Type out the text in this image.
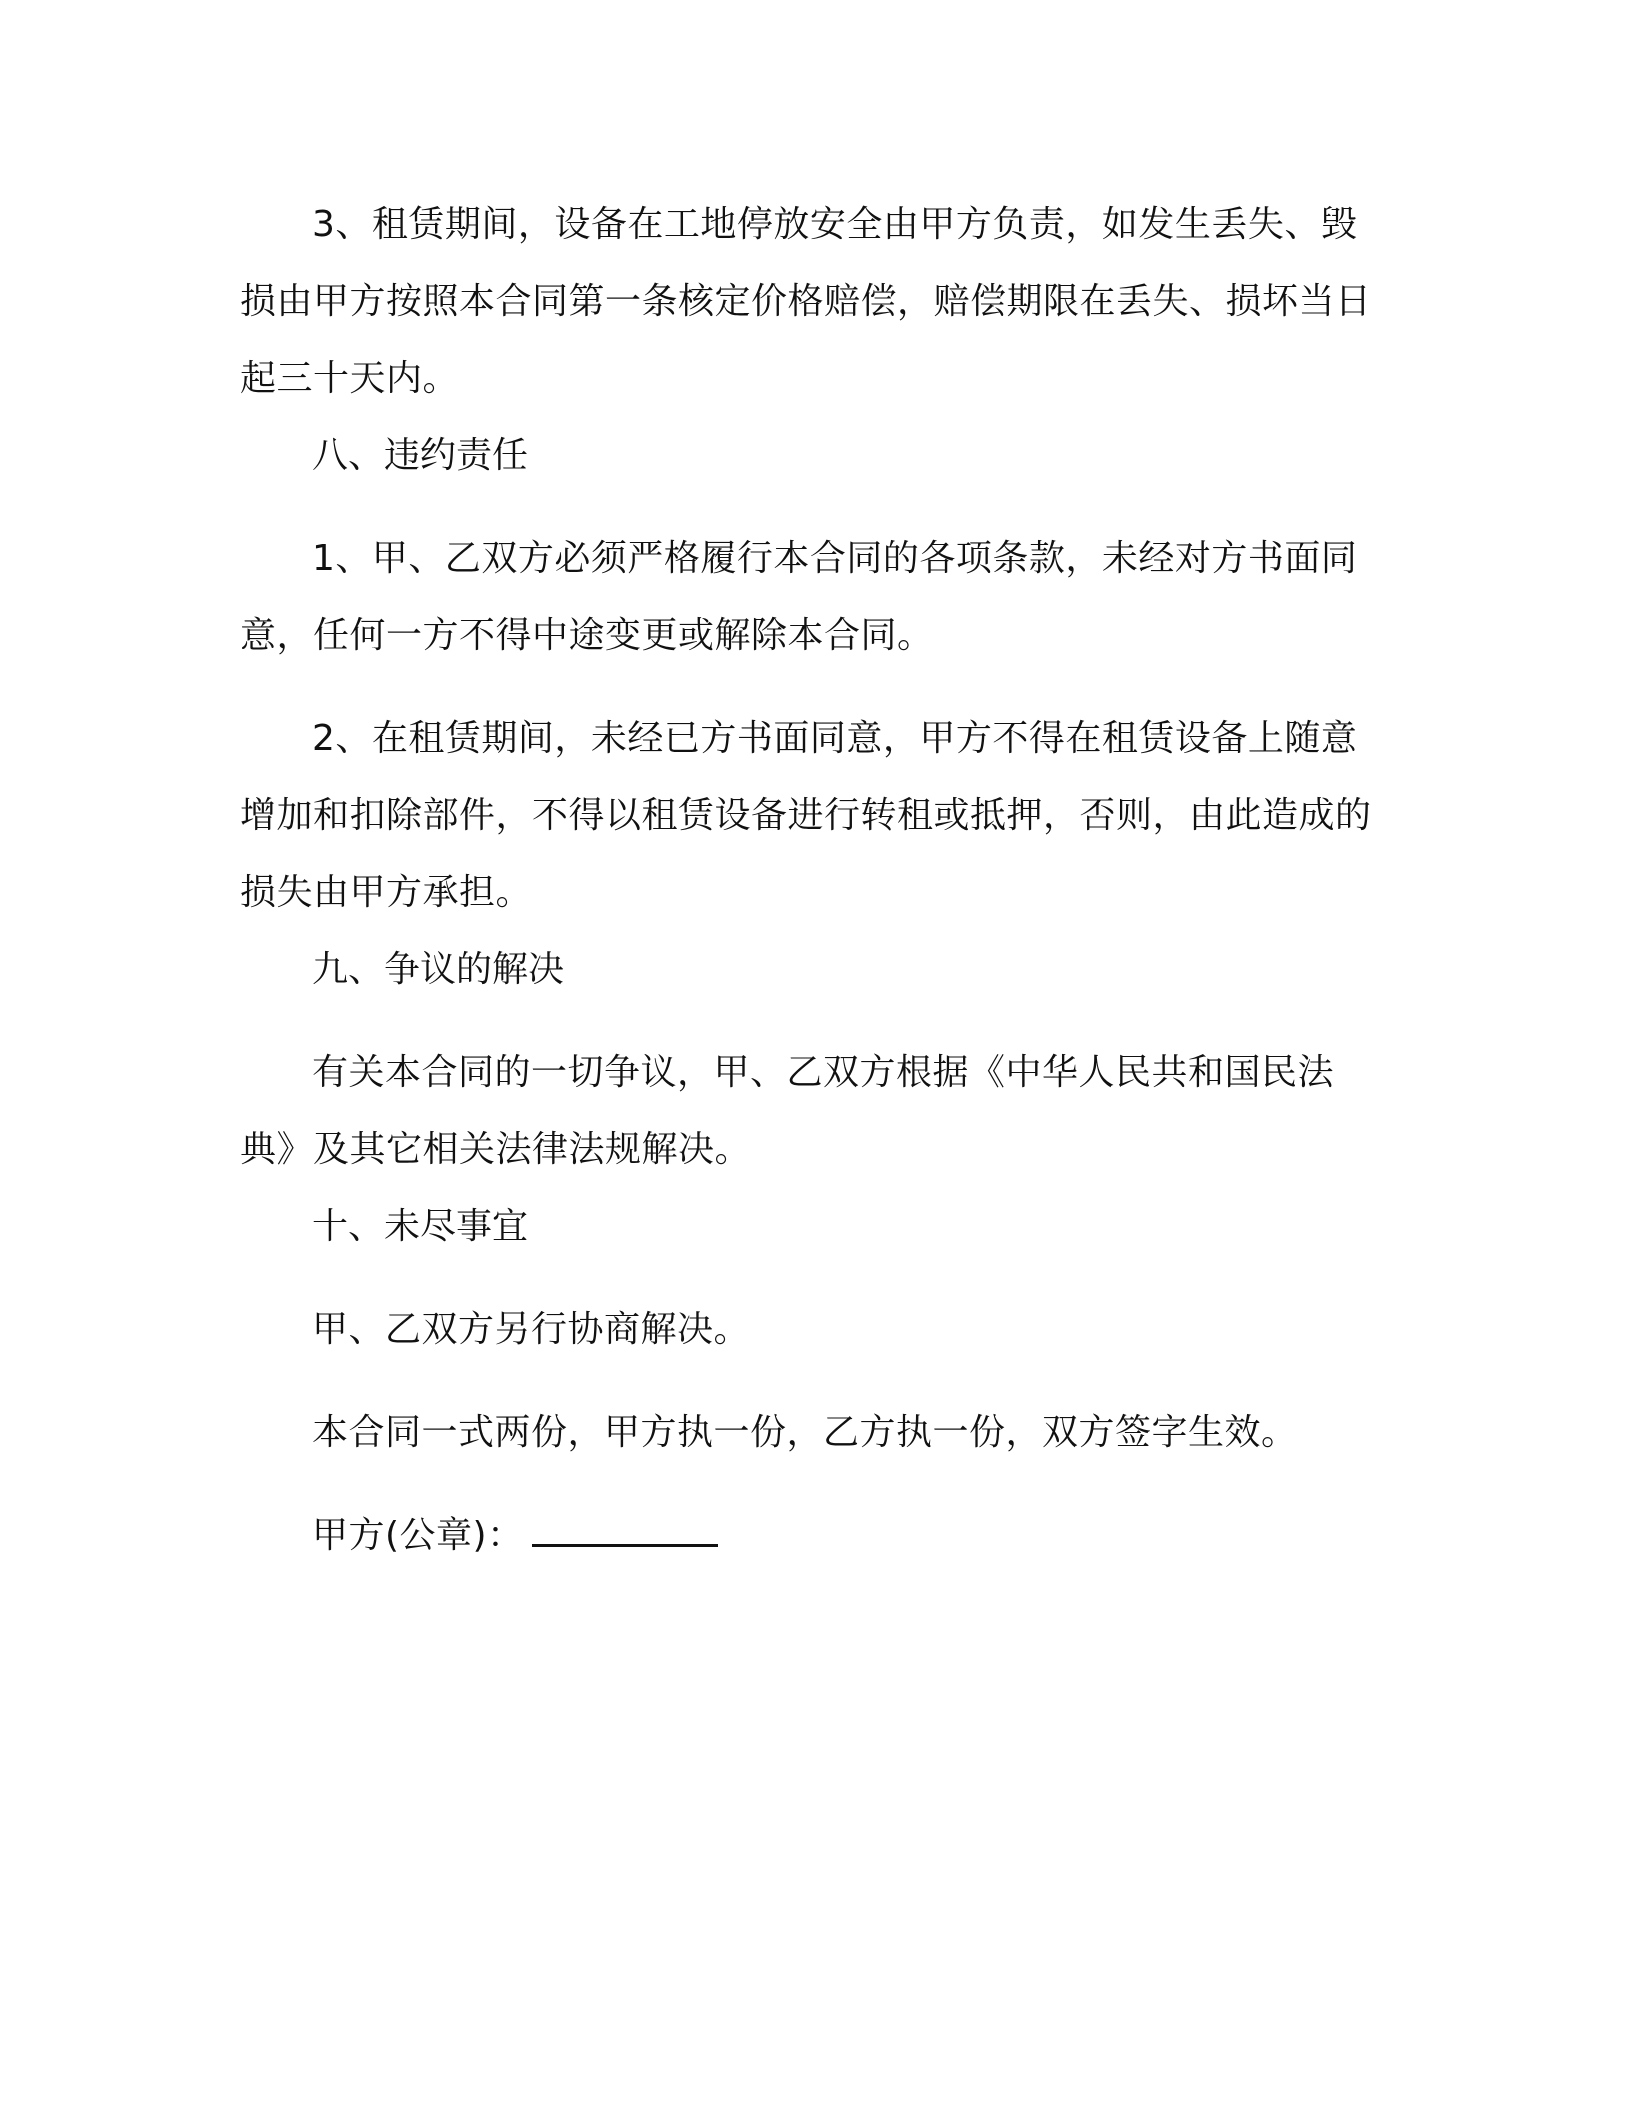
3、租赁期间，设备在工地停放安全由甲方负责，如发生丢失、毁损由甲方按照本合同第一条核定价格赔偿，赔偿期限在丢失、损坏当日起三十天内。

八、违约责任

1、甲、乙双方必须严格履行本合同的各项条款，未经对方书面同意，任何一方不得中途变更或解除本合同。

2、在租赁期间，未经已方书面同意，甲方不得在租赁设备上随意增加和扣除部件，不得以租赁设备进行转租或抵押，否则，由此造成的损失由甲方承担。

九、争议的解决

有关本合同的一切争议，甲、乙双方根据《中华人民共和国民法典》及其它相关法律法规解决。

十、未尽事宜

甲、乙双方另行协商解决。

本合同一式两份，甲方执一份，乙方执一份，双方签字生效。

甲方(公章)：
